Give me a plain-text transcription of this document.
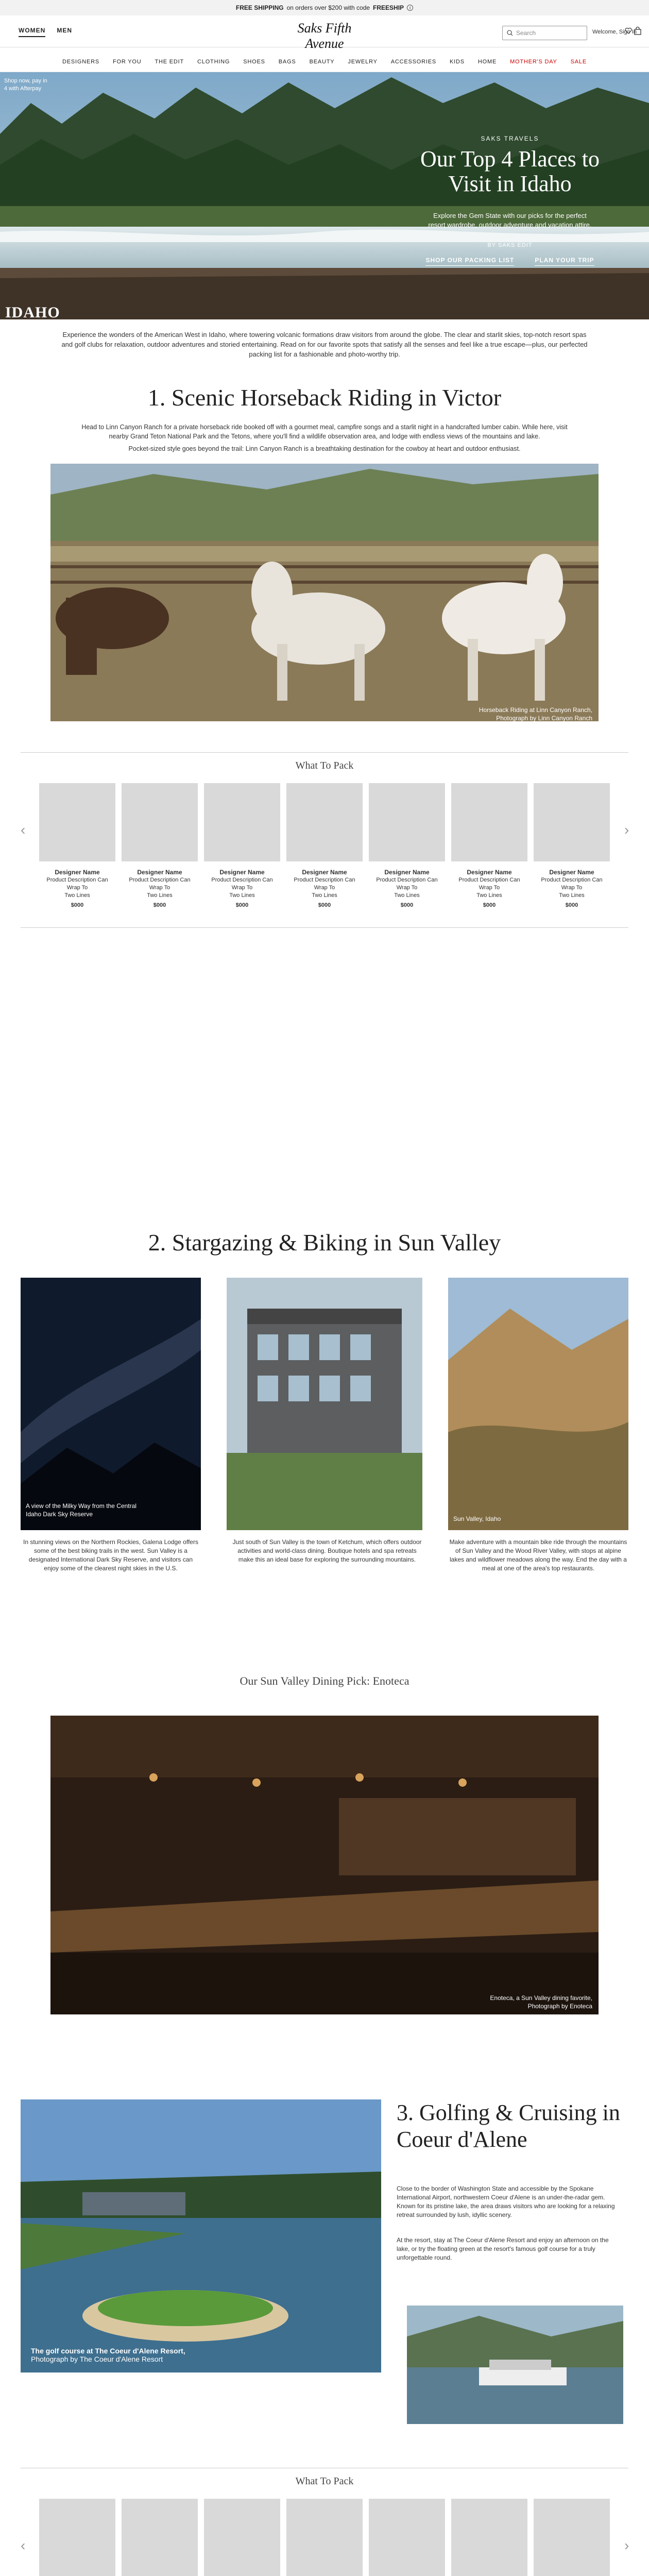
FREE SHIPPING on orders over $200 with code FREESHIP	i
WOMEN MEN	Saks Fifth Avenue
Search	Welcome, Sign In
DESIGNERS FOR YOU THE EDIT CLOTHING SHOES BAGS BEAUTY JEWELRY ACCESSORIES KIDS HOME MOTHER'S DAY SALE
Shop now, pay in
4 with Afterpay
SAKS TRAVELS
Our Top 4 Places to Visit in Idaho
Explore the Gem State with our picks for the perfect resort wardrobe, outdoor adventure and vacation attire.
BY SAKS EDIT
SHOP OUR PACKING LIST	PLAN YOUR TRIP
IDAHO
Experience the wonders of the American West in Idaho, where towering volcanic formations draw visitors from around the globe. The clear and starlit skies, top-notch resort spas and golf clubs for relaxation, outdoor adventures and storied entertaining. Read on for our favorite spots that satisfy all the senses and feel like a true escape—plus, our perfected packing list for a fashionable and photo-worthy trip.
1. Scenic Horseback Riding in Victor
Head to Linn Canyon Ranch for a private horseback ride booked off with a gourmet meal, campfire songs and a starlit night in a handcrafted lumber cabin. While here, visit nearby Grand Teton National Park and the Tetons, where you'll find a wildlife observation area, and lodge with endless views of the mountains and lake.
Pocket-sized style goes beyond the trail: Linn Canyon Ranch is a breathtaking destination for the cowboy at heart and outdoor enthusiast.
Horseback Riding at Linn Canyon Ranch,
Photograph by Linn Canyon Ranch
What To Pack
‹	›
Designer Name
Product Description Can Wrap To
Two Lines
$000
Designer Name
Product Description Can Wrap To
Two Lines
$000
Designer Name
Product Description Can Wrap To
Two Lines
$000
Designer Name
Product Description Can Wrap To
Two Lines
$000
Designer Name
Product Description Can Wrap To
Two Lines
$000
Designer Name
Product Description Can Wrap To
Two Lines
$000
Designer Name
Product Description Can Wrap To
Two Lines
$000
2. Stargazing & Biking in Sun Valley
A view of the Milky Way from the Central
Idaho Dark Sky Reserve
Sun Valley, Idaho
In stunning views on the Northern Rockies, Galena Lodge offers some of the best biking trails in the west. Sun Valley is a designated International Dark Sky Reserve, and visitors can enjoy some of the clearest night skies in the U.S.
Just south of Sun Valley is the town of Ketchum, which offers outdoor activities and world-class dining. Boutique hotels and spa retreats make this an ideal base for exploring the surrounding mountains.
Make adventure with a mountain bike ride through the mountains of Sun Valley and the Wood River Valley, with stops at alpine lakes and wildflower meadows along the way. End the day with a meal at one of the area's top restaurants.
Our Sun Valley Dining Pick: Enoteca
Enoteca, a Sun Valley dining favorite,
Photograph by Enoteca
The golf course at The Coeur d'Alene Resort,
Photograph by The Coeur d'Alene Resort
3. Golfing & Cruising in Coeur d'Alene
Close to the border of Washington State and accessible by the Spokane International Airport, northwestern Coeur d'Alene is an under-the-radar gem. Known for its pristine lake, the area draws visitors who are looking for a relaxing retreat surrounded by lush, idyllic scenery.
At the resort, stay at The Coeur d'Alene Resort and enjoy an afternoon on the lake, or try the floating green at the resort's famous golf course for a truly unforgettable round.
What To Pack
‹	›
